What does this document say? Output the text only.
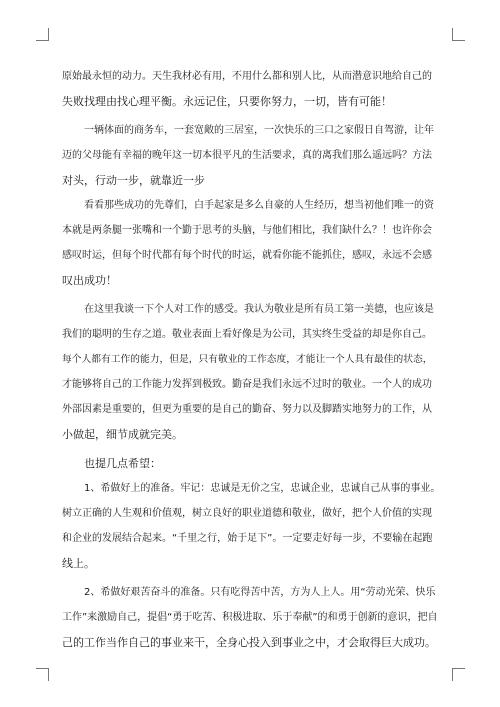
原始最永恒的动力。天生我材必有用，不用什么都和别人比，从而潜意识地给自己的

失败找理由找心理平衡。永远记住，只要你努力，一切，皆有可能！

一辆体面的商务车，一套宽敞的三居室，一次快乐的三口之家假日自驾游，让年

迈的父母能有幸福的晚年这一切本很平凡的生活要求，真的离我们那么遥远吗？方法

对头，行动一步，就靠近一步

看看那些成功的先尊们，白手起家是多么自豪的人生经历，想当初他们唯一的资

本就是两条腿一张嘴和一个勤于思考的头脑，与他们相比，我们缺什么？！也许你会

感叹时运，但每个时代都有每个时代的时运，就看你能不能抓住，感叹，永远不会感

叹出成功！

在这里我谈一下个人对工作的感受。我认为敬业是所有员工第一美德，也应该是

我们的聪明的生存之道。敬业表面上看好像是为公司，其实终生受益的却是你自己。

每个人都有工作的能力，但是，只有敬业的工作态度，才能让一个人具有最佳的状态，

才能够将自己的工作能力发挥到极致。勤奋是我们永远不过时的敬业。一个人的成功

外部因素是重要的，但更为重要的是自己的勤奋、努力以及脚踏实地努力的工作，从

小做起，细节成就完美。

也提几点希望：

1、希做好上的准备。牢记：忠诚是无价之宝，忠诚企业，忠诚自己从事的事业。

树立正确的人生观和价值观，树立良好的职业道德和敬业，做好，把个人价值的实现

和企业的发展结合起来。“千里之行，始于足下”。一定要走好每一步，不要输在起跑

线上。

2、希做好艰苦奋斗的准备。只有吃得苦中苦，方为人上人。用“劳动光荣、快乐

工作”来激励自己，提倡“勇于吃苦、积极进取、乐于奉献”的和勇于创新的意识，把自

己的工作当作自己的事业来干，全身心投入到事业之中，才会取得巨大成功。
